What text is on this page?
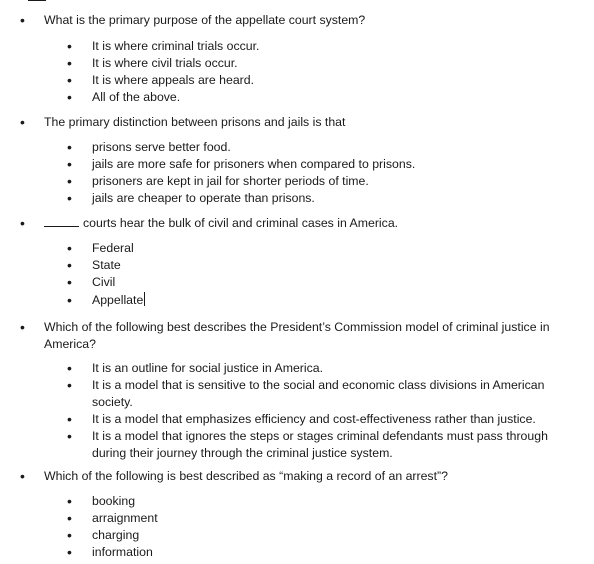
• What is the primary purpose of the appellate court system?
• It is where criminal trials occur.
• It is where civil trials occur.
• It is where appeals are heard.
• All of the above.
• The primary distinction between prisons and jails is that
• prisons serve better food.
• jails are more safe for prisoners when compared to prisons.
• prisoners are kept in jail for shorter periods of time.
• jails are cheaper to operate than prisons.
•	courts hear the bulk of civil and criminal cases in America.
• Federal
• State
• Civil
• Appellate
• Which of the following best describes the President’s Commission model of criminal justice in America?
• It is an outline for social justice in America.
• It is a model that is sensitive to the social and economic class divisions in American society.
• It is a model that emphasizes efficiency and cost-effectiveness rather than justice.
• It is a model that ignores the steps or stages criminal defendants must pass through during their journey through the criminal justice system.
• Which of the following is best described as “making a record of an arrest”?
• booking
• arraignment
• charging
• information
